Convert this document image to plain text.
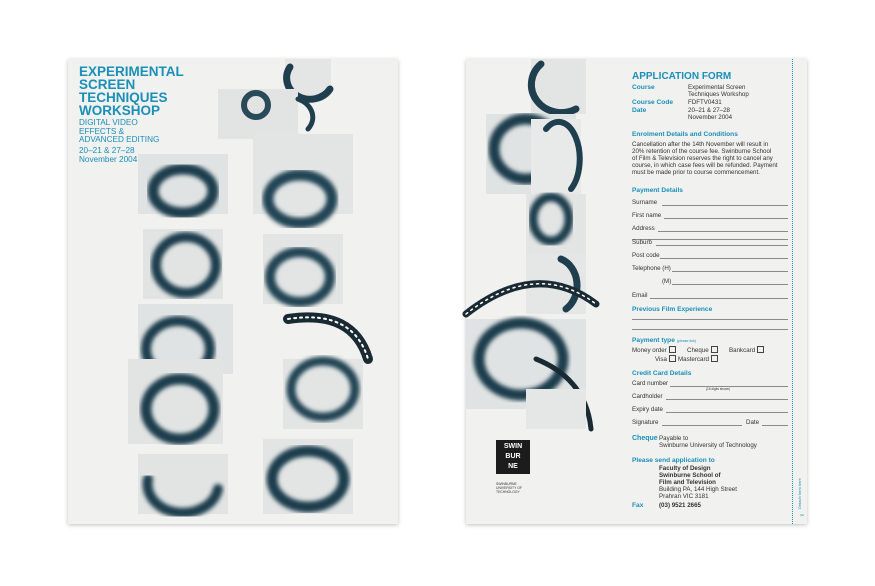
EXPERIMENTAL
SCREEN
TECHNIQUES
WORKSHOP

DIGITAL VIDEO
EFFECTS &
ADVANCED EDITING

20–21 & 27–28
November 2004

APPLICATION FORM
Course	Experimental Screen
Techniques Workshop
Course Code FDFTV0431
Date	20–21 & 27–28
November 2004
Enrolment Details and Conditions
Cancellation after the 14th November will result in
20% retention of the course fee. Swinburne School
of Film & Television reserves the right to cancel any
course, in which case fees will be refunded. Payment
must be made prior to course commencement.
Payment Details
Surname
First name
Address
Suburb
Post code
Telephone (H)
(M)
Email
Previous Film Experience
Payment type (please tick)
Money order	Cheque	Bankcard
Visa	Mastercard
Credit Card Details
Card number
(16 digits shown)
Cardholder
Expiry date
Signature	Date
Cheque Payable to
Swinburne University of Technology
Please send application to
Faculty of Design
Swinburne School of
Film and Television
Building PA, 144 High Street
Prahran VIC 3181
Fax	(03) 9521 2665
SWIN
BUR
NE
SWINBURNE
UNIVERSITY OF
TECHNOLOGY	Detach form here
✂
